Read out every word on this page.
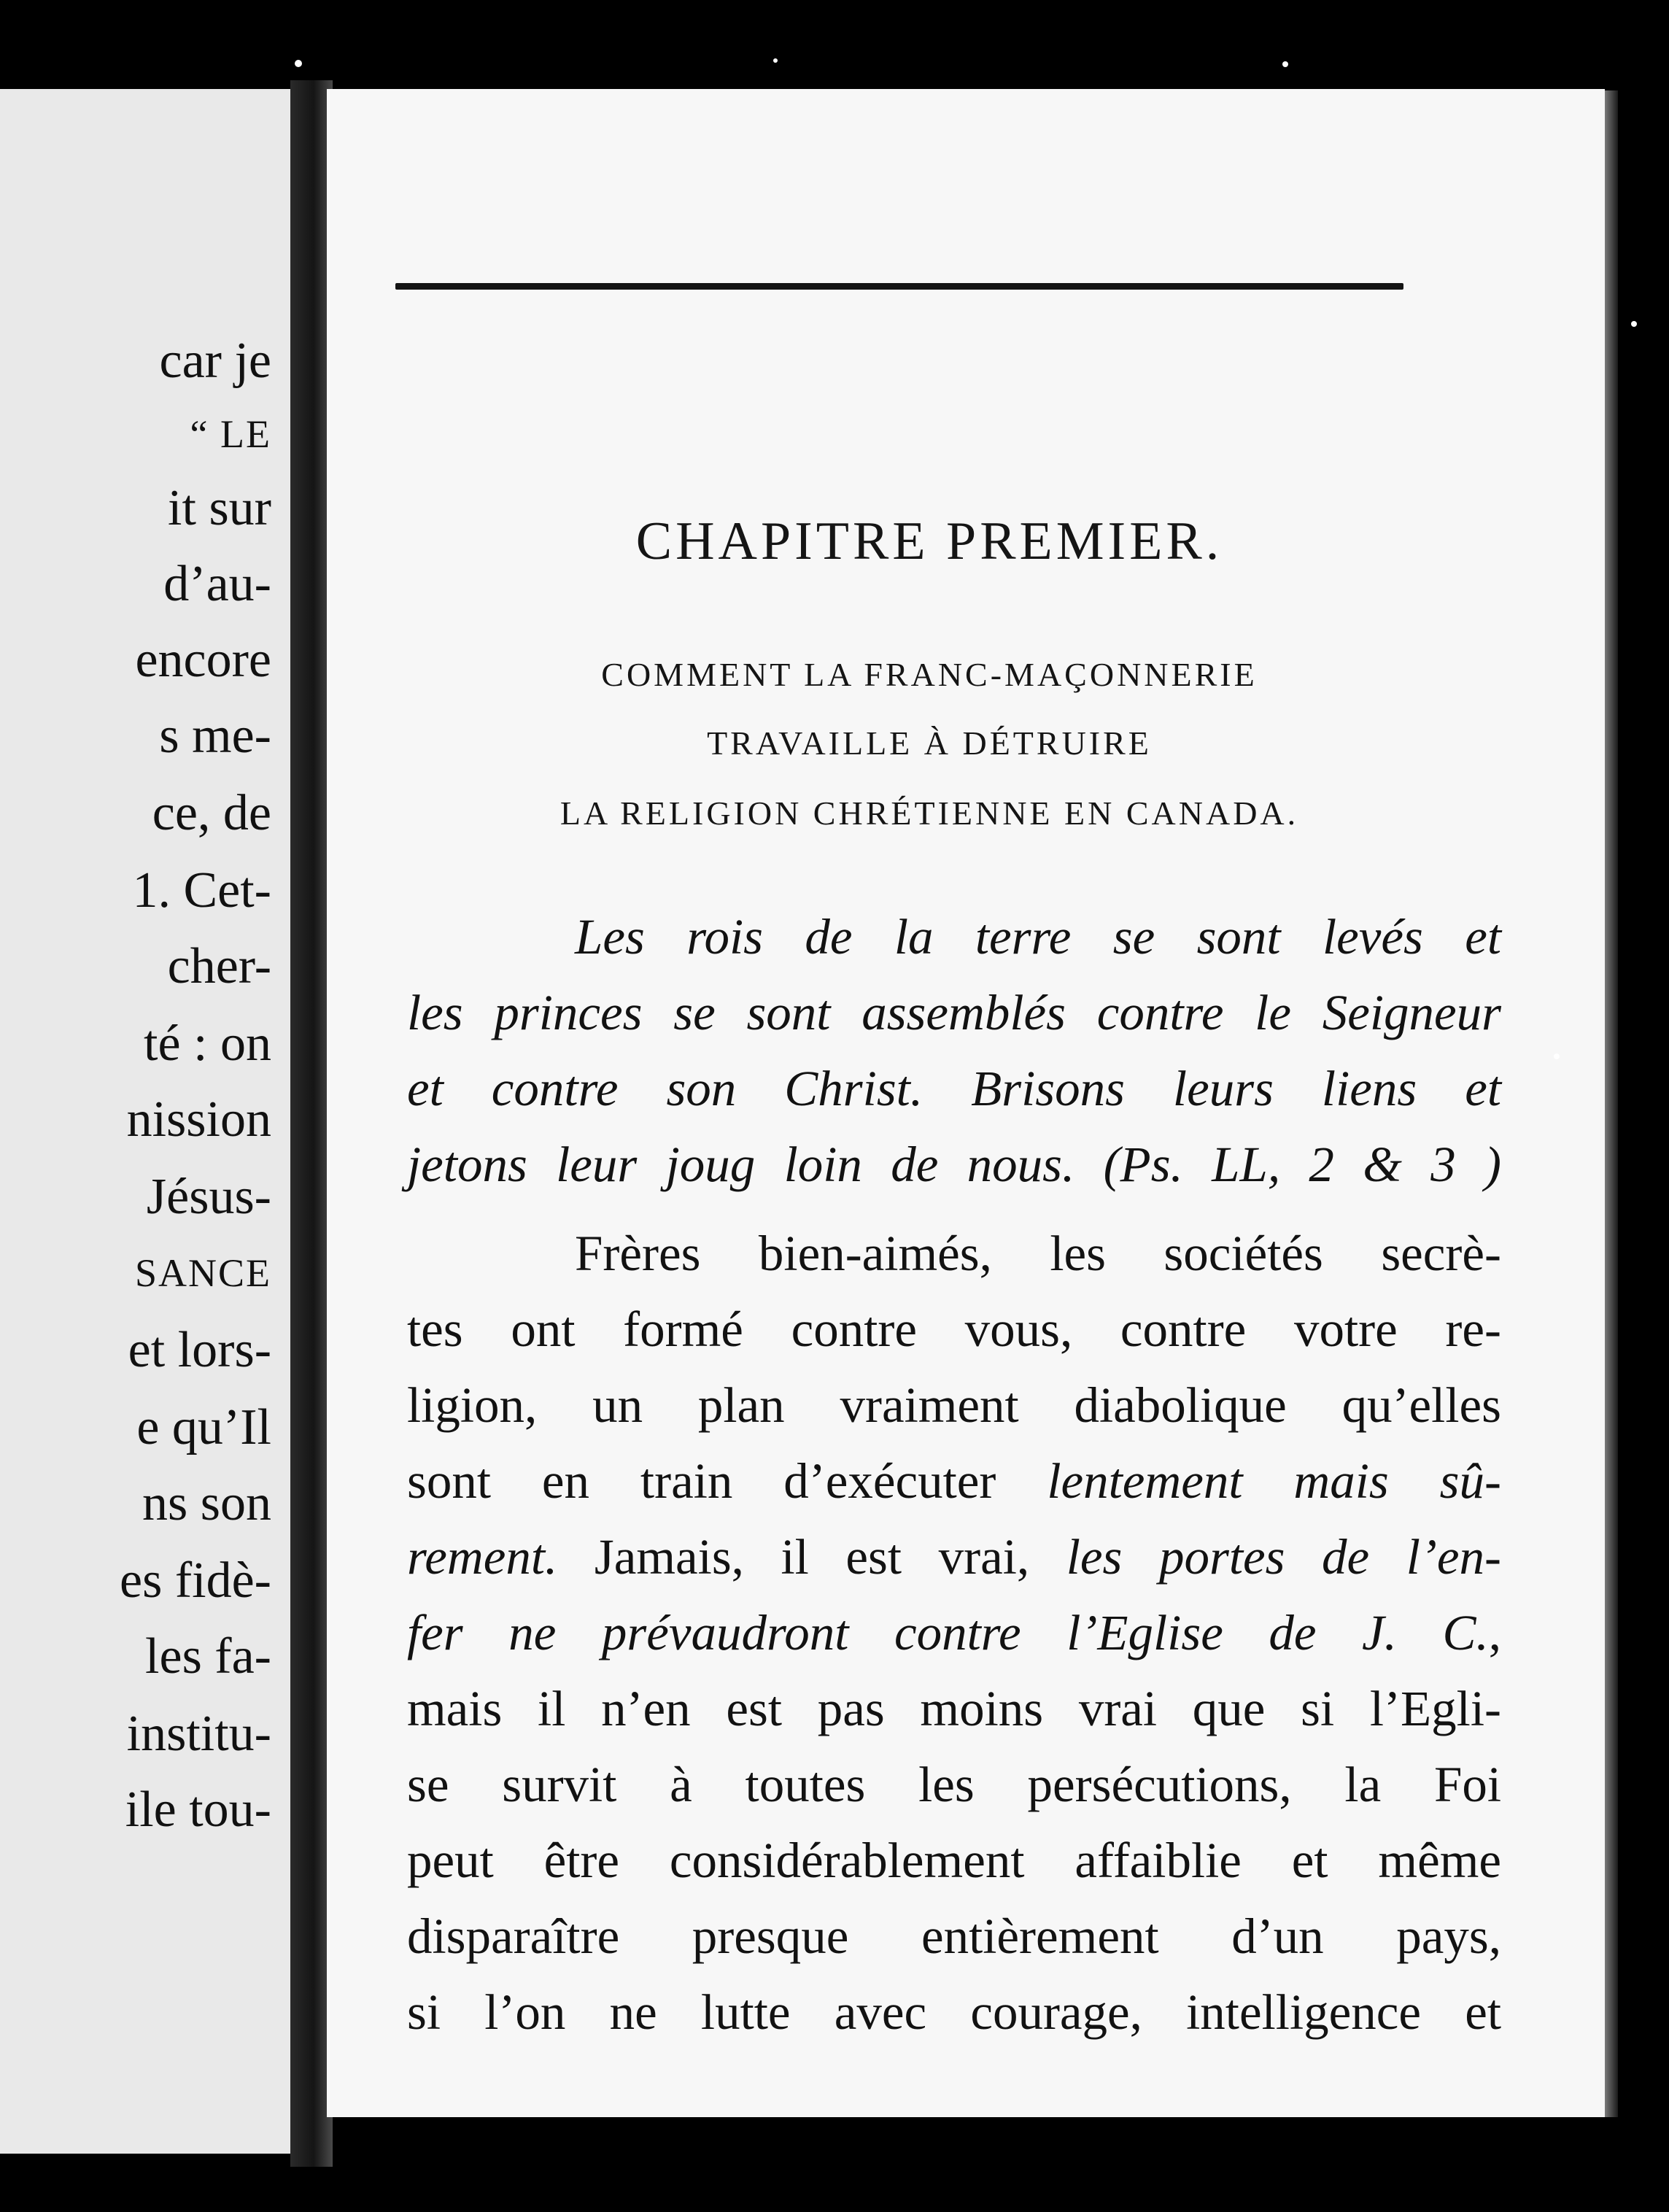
car je

“ LE

it sur

d’au-

encore

s me-

ce, de

1. Cet-

cher-

té : on

nission

Jésus-

SANCE

et lors-

e qu’Il

ns son

es fidè-

les fa-

institu-

ile tou-

CHAPITRE PREMIER.

COMMENT LA FRANC-MAÇONNERIE

TRAVAILLE À DÉTRUIRE

LA RELIGION CHRÉTIENNE EN CANADA.

Les rois de la terre se sont levés et

les princes se sont assemblés contre le Seigneur

et contre son Christ. Brisons leurs liens et

jetons leur joug loin de nous. (Ps. LL, 2 & 3 )

Frères bien-aimés, les sociétés secrè-

tes ont formé contre vous, contre votre re-

ligion, un plan vraiment diabolique qu’elles

sont en train d’exécuter lentement mais sû-

rement. Jamais, il est vrai, les portes de l’en-

fer ne prévaudront contre l’Eglise de J. C.,

mais il n’en est pas moins vrai que si l’Egli-

se survit à toutes les persécutions, la Foi

peut être considérablement affaiblie et même

disparaître presque entièrement d’un pays,

si l’on ne lutte avec courage, intelligence et
